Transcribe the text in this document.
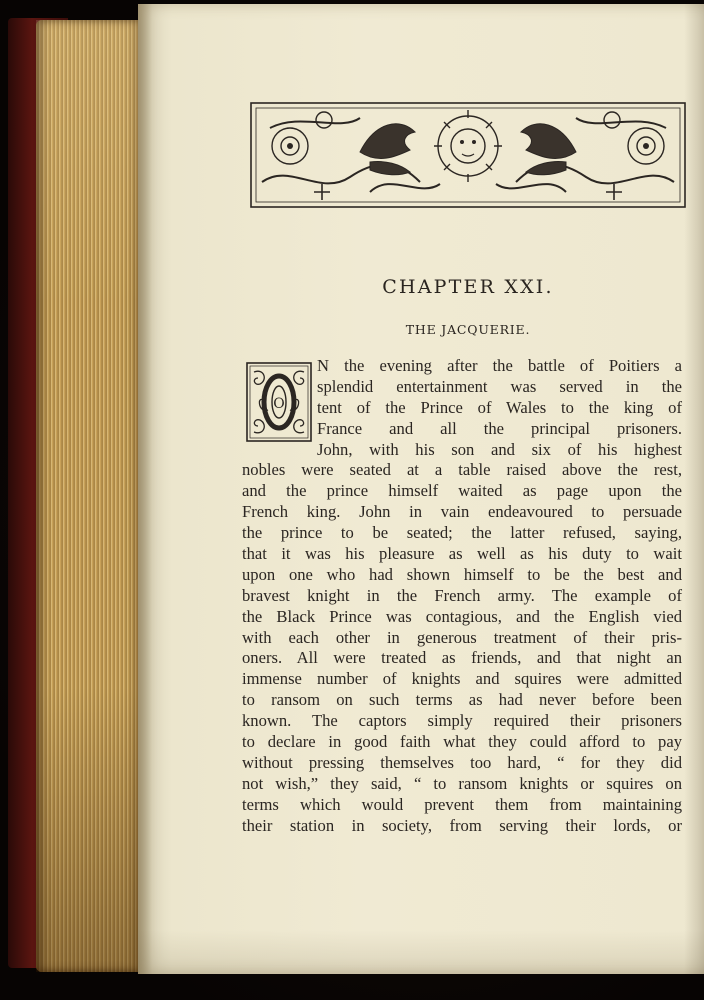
CHAPTER XXI.
THE JACQUERIE.
O
N the evening after the battle of Poitiers a
splendid entertainment was served in the
tent of the Prince of Wales to the king of
France and all the principal prisoners.
John, with his son and six of his highest
nobles were seated at a table raised above the rest,
and the prince himself waited as page upon the
French king. John in vain endeavoured to persuade
the prince to be seated; the latter refused, saying,
that it was his pleasure as well as his duty to wait
upon one who had shown himself to be the best and
bravest knight in the French army. The example of
the Black Prince was contagious, and the English vied
with each other in generous treatment of their pris-
oners. All were treated as friends, and that night an
immense number of knights and squires were admitted
to ransom on such terms as had never before been
known. The captors simply required their prisoners
to declare in good faith what they could afford to pay
without pressing themselves too hard, “ for they did
not wish,” they said, “ to ransom knights or squires on
terms which would prevent them from maintaining
their station in society, from serving their lords, or
